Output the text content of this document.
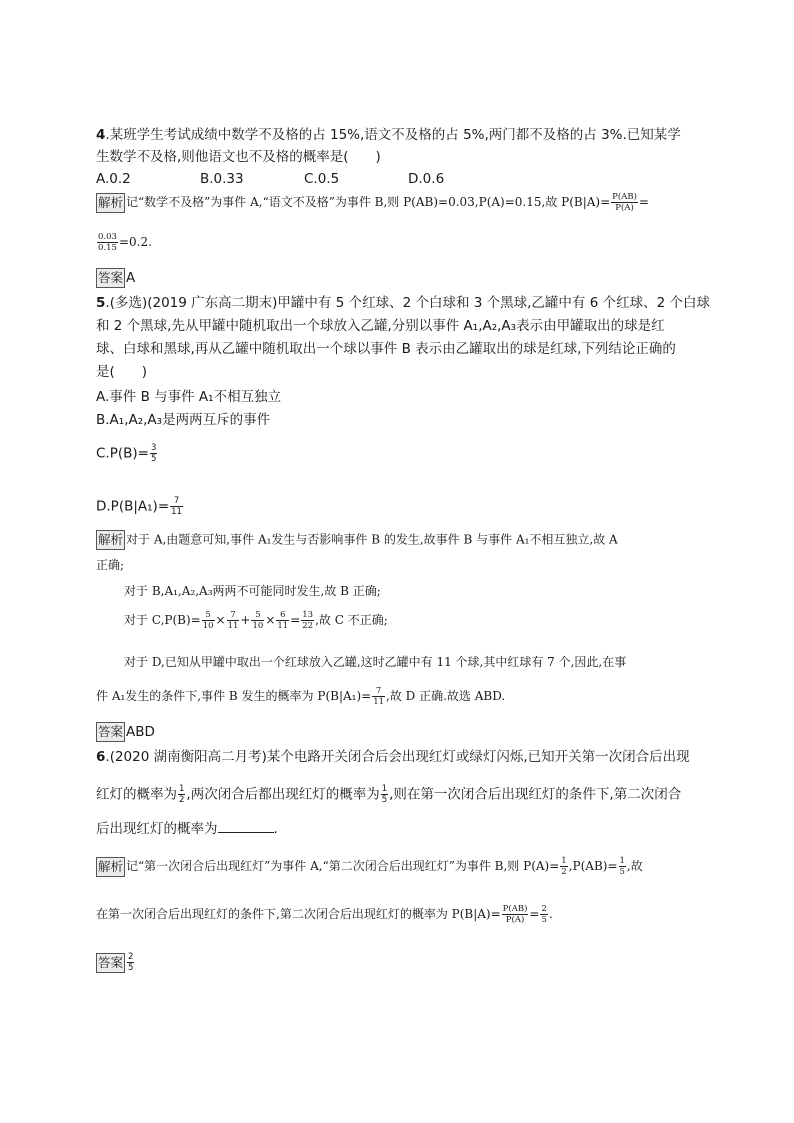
4.某班学生考试成绩中数学不及格的占 15%,语文不及格的占 5%,两门都不及格的占 3%.已知某学
生数学不及格,则他语文也不及格的概率是(　　)
A.0.2	B.0.33	C.0.5	D.0.6
解析 记“数学不及格”为事件 A,“语文不及格”为事件 B,则 P(AB)=0.03,P(A)=0.15,故 $P(B|A)= \frac{P(AB)}{P(A)}$ =
$\frac{0.03}{0.15} =0.2$.
答案 A
5.(多选)(2019 广东高二期末)甲罐中有 5 个红球、2 个白球和 3 个黑球,乙罐中有 6 个红球、2 个白球
和 2 个黑球,先从甲罐中随机取出一个球放入乙罐,分别以事件 A₁,A₂,A₃表示由甲罐取出的球是红
球、白球和黑球,再从乙罐中随机取出一个球以事件 B 表示由乙罐取出的球是红球,下列结论正确的
是(　　)
A.事件 B 与事件 A₁不相互独立
B.A₁,A₂,A₃是两两互斥的事件
$C.P(B)= \frac{3}{5}$
$D.P(B|A_1)= \frac{7}{11}$
解析 对于 A,由题意可知,事件 A₁发生与否影响事件 B 的发生,故事件 B 与事件 A₁不相互独立,故 A
正确;
对于 B,A₁,A₂,A₃两两不可能同时发生,故 B 正确;
对于 $C,P(B)= \frac{5}{10} \times \frac{7}{11} + \frac{5}{10} \times \frac{6}{11} = \frac{13}{22}$ ,故 C 不正确;
对于 D,已知从甲罐中取出一个红球放入乙罐,这时乙罐中有 11 个球,其中红球有 7 个,因此,在事
件 A₁发生的条件下,事件 B 发生的概率为 $P(B|A_1)= \frac{7}{11}$ ,故 D 正确.故选 ABD.
答案 ABD
6.(2020 湖南衡阳高二月考)某个电路开关闭合后会出现红灯或绿灯闪烁,已知开关第一次闭合后出现
红灯的概率为 $\frac{1}{2}$ ,两次闭合后都出现红灯的概率为 $\frac{1}{5}$ ,则在第一次闭合后出现红灯的条件下,第二次闭合
后出现红灯的概率为	.
解析 记“第一次闭合后出现红灯”为事件 A,“第二次闭合后出现红灯”为事件 B,则 $P(A)= \frac{1}{2} ,P(AB)= \frac{1}{5}$ ,故
在第一次闭合后出现红灯的条件下,第二次闭合后出现红灯的概率为 $P(B|A)= \frac{P(AB)}{P(A)} = \frac{2}{5}$ .
答案 $\frac{2}{5}$
